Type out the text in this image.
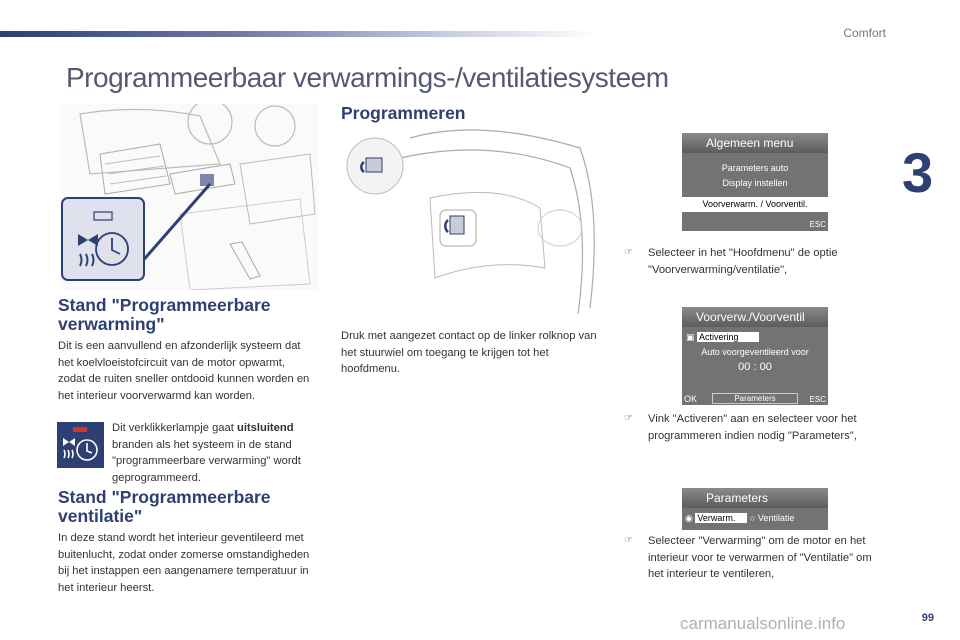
Comfort
3
Programmeerbaar verwarmings-/ventilatiesysteem
Stand "Programmeerbare verwarming"
Dit is een aanvullend en afzonderlijk systeem dat het koelvloeistofcircuit van de motor opwarmt, zodat de ruiten sneller ontdooid kunnen worden en het interieur voorverwarmd kan worden.
Dit verklikkerlampje gaat uitsluitend branden als het systeem in de stand "programmeerbare verwarming" wordt geprogrammeerd.
Stand "Programmeerbare ventilatie"
In deze stand wordt het interieur geventileerd met buitenlucht, zodat onder zomerse omstandigheden bij het instappen een aangenamere temperatuur in het interieur heerst.
Programmeren
Druk met aangezet contact op de linker rolknop van het stuurwiel om toegang te krijgen tot het hoofdmenu.
Algemeen menu
Parameters auto
Display instellen
Voorverwarm. / Voorventil.
ESC
Voorverw./Voorventil
▣ Activering
Auto voorgeventileerd voor
00 : 00
OK	Parameters	ESC
Parameters
◉ Verwarm. ○ Ventilatie
☞	Selecteer in het "Hoofdmenu" de optie "Voorverwarming/ventilatie",
☞	Vink "Activeren" aan en selecteer voor het programmeren indien nodig "Parameters",
☞	Selecteer "Verwarming" om de motor en het interieur voor te verwarmen of "Ventilatie" om het interieur te ventileren,
carmanualsonline.info	99
